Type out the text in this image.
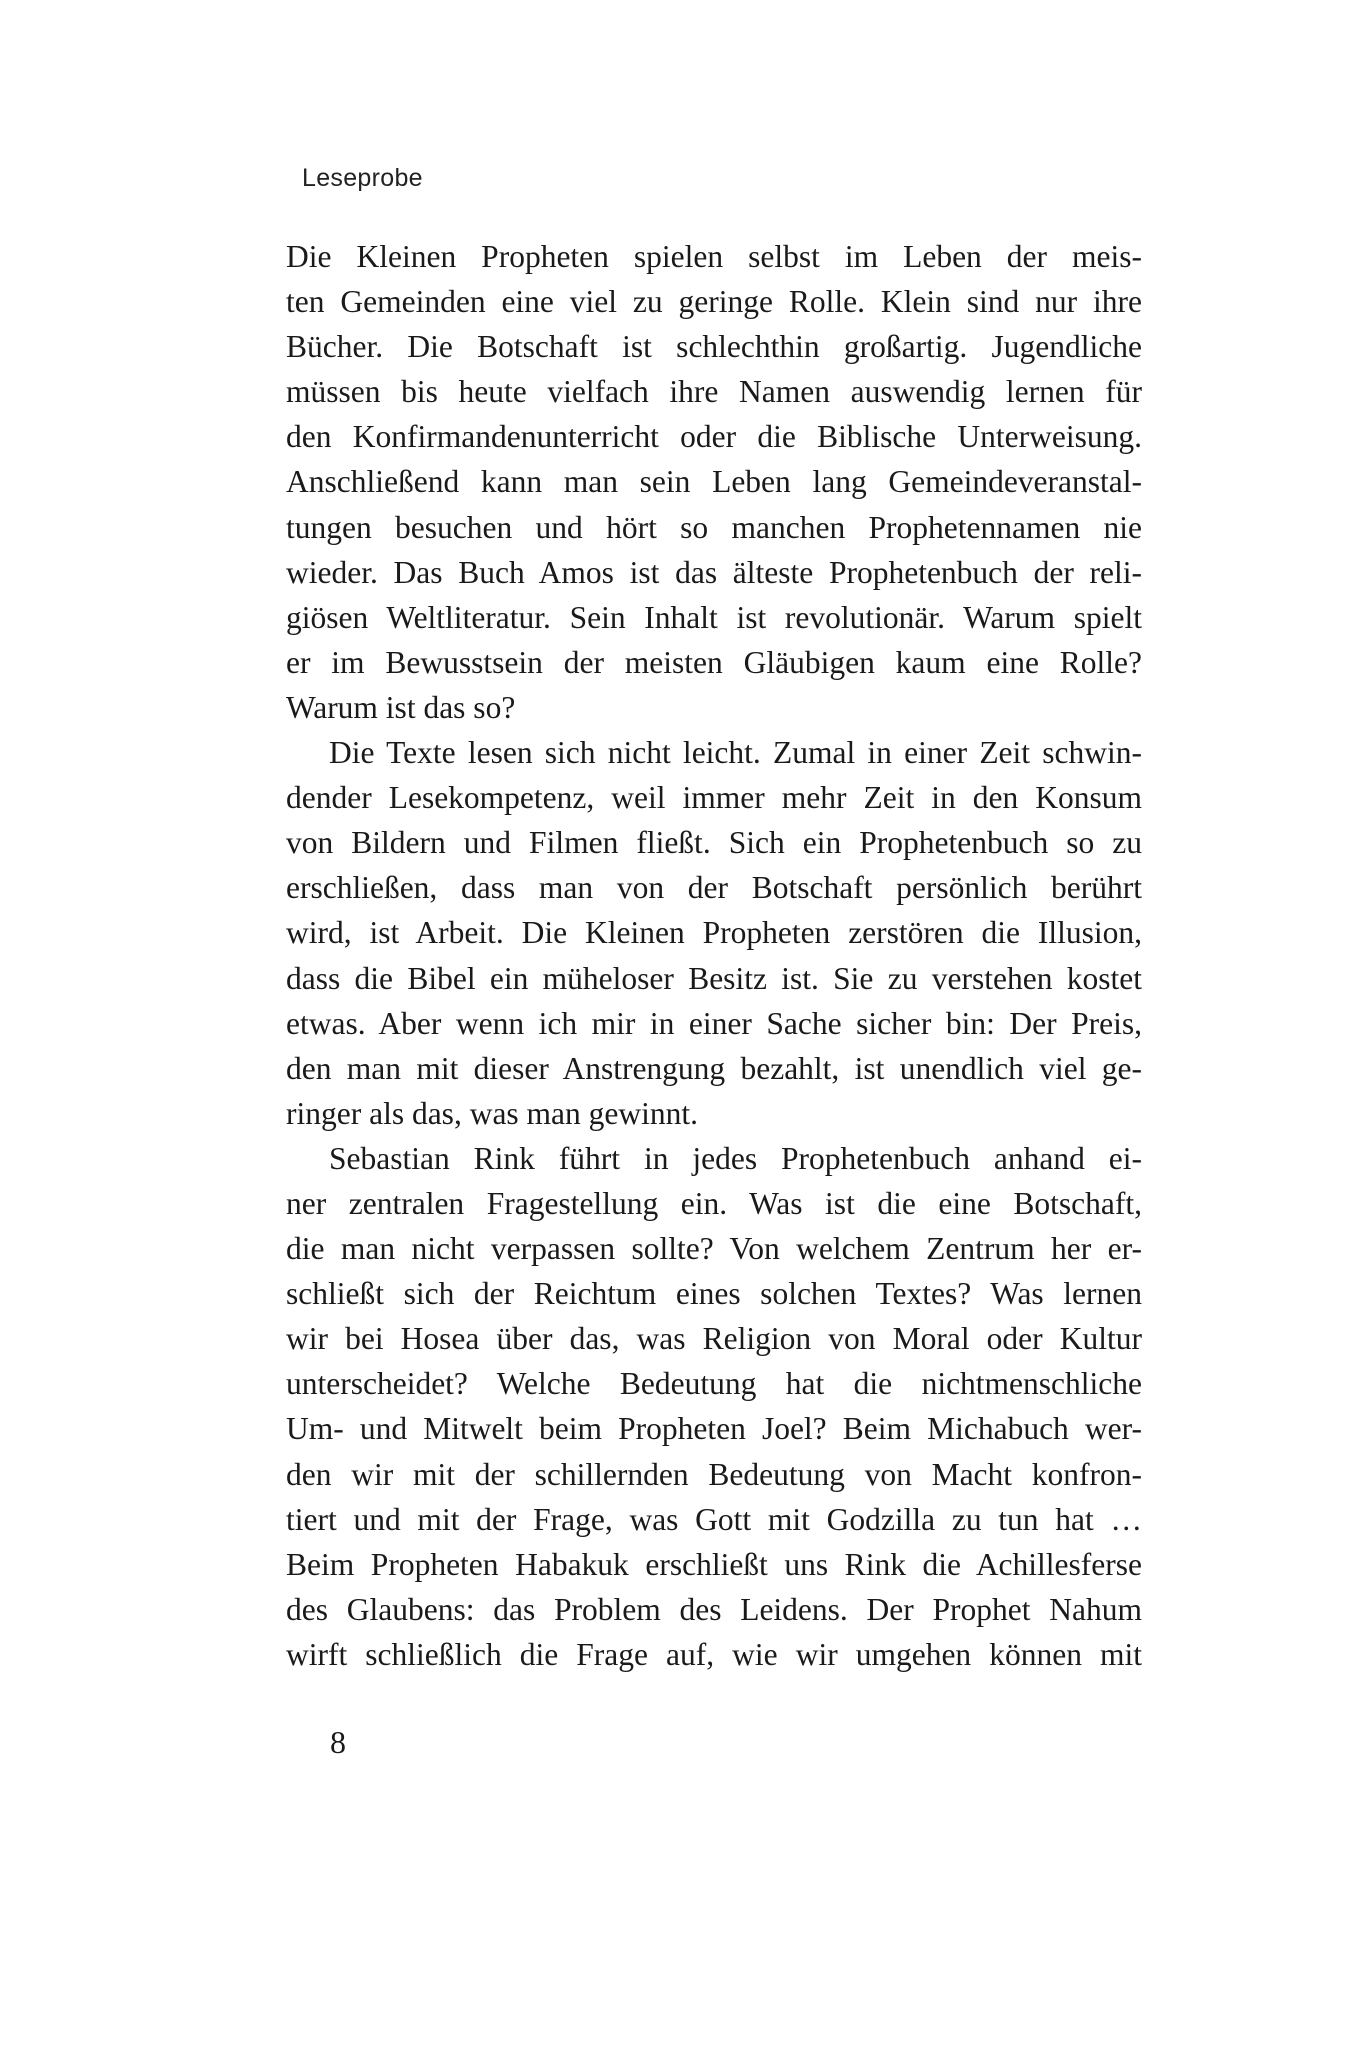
Leseprobe
Die Kleinen Propheten spielen selbst im Leben der meis-
ten Gemeinden eine viel zu geringe Rolle. Klein sind nur ihre
Bücher. Die Botschaft ist schlechthin großartig. Jugendliche
müssen bis heute vielfach ihre Namen auswendig lernen für
den Konfirmandenunterricht oder die Biblische Unterweisung.
Anschließend kann man sein Leben lang Gemeindeveranstal-
tungen besuchen und hört so manchen Prophetennamen nie
wieder. Das Buch Amos ist das älteste Prophetenbuch der reli-
giösen Weltliteratur. Sein Inhalt ist revolutionär. Warum spielt
er im Bewusstsein der meisten Gläubigen kaum eine Rolle?
Warum ist das so?
Die Texte lesen sich nicht leicht. Zumal in einer Zeit schwin-
dender Lesekompetenz, weil immer mehr Zeit in den Konsum
von Bildern und Filmen fließt. Sich ein Prophetenbuch so zu
erschließen, dass man von der Botschaft persönlich berührt
wird, ist Arbeit. Die Kleinen Propheten zerstören die Illusion,
dass die Bibel ein müheloser Besitz ist. Sie zu verstehen kostet
etwas. Aber wenn ich mir in einer Sache sicher bin: Der Preis,
den man mit dieser Anstrengung bezahlt, ist unendlich viel ge-
ringer als das, was man gewinnt.
Sebastian Rink führt in jedes Prophetenbuch anhand ei-
ner zentralen Fragestellung ein. Was ist die eine Botschaft,
die man nicht verpassen sollte? Von welchem Zentrum her er-
schließt sich der Reichtum eines solchen Textes? Was lernen
wir bei Hosea über das, was Religion von Moral oder Kultur
unterscheidet? Welche Bedeutung hat die nichtmenschliche
Um- und Mitwelt beim Propheten Joel? Beim Michabuch wer-
den wir mit der schillernden Bedeutung von Macht konfron-
tiert und mit der Frage, was Gott mit Godzilla zu tun hat …
Beim Propheten Habakuk erschließt uns Rink die Achillesferse
des Glaubens: das Problem des Leidens. Der Prophet Nahum
wirft schließlich die Frage auf, wie wir umgehen können mit
8
